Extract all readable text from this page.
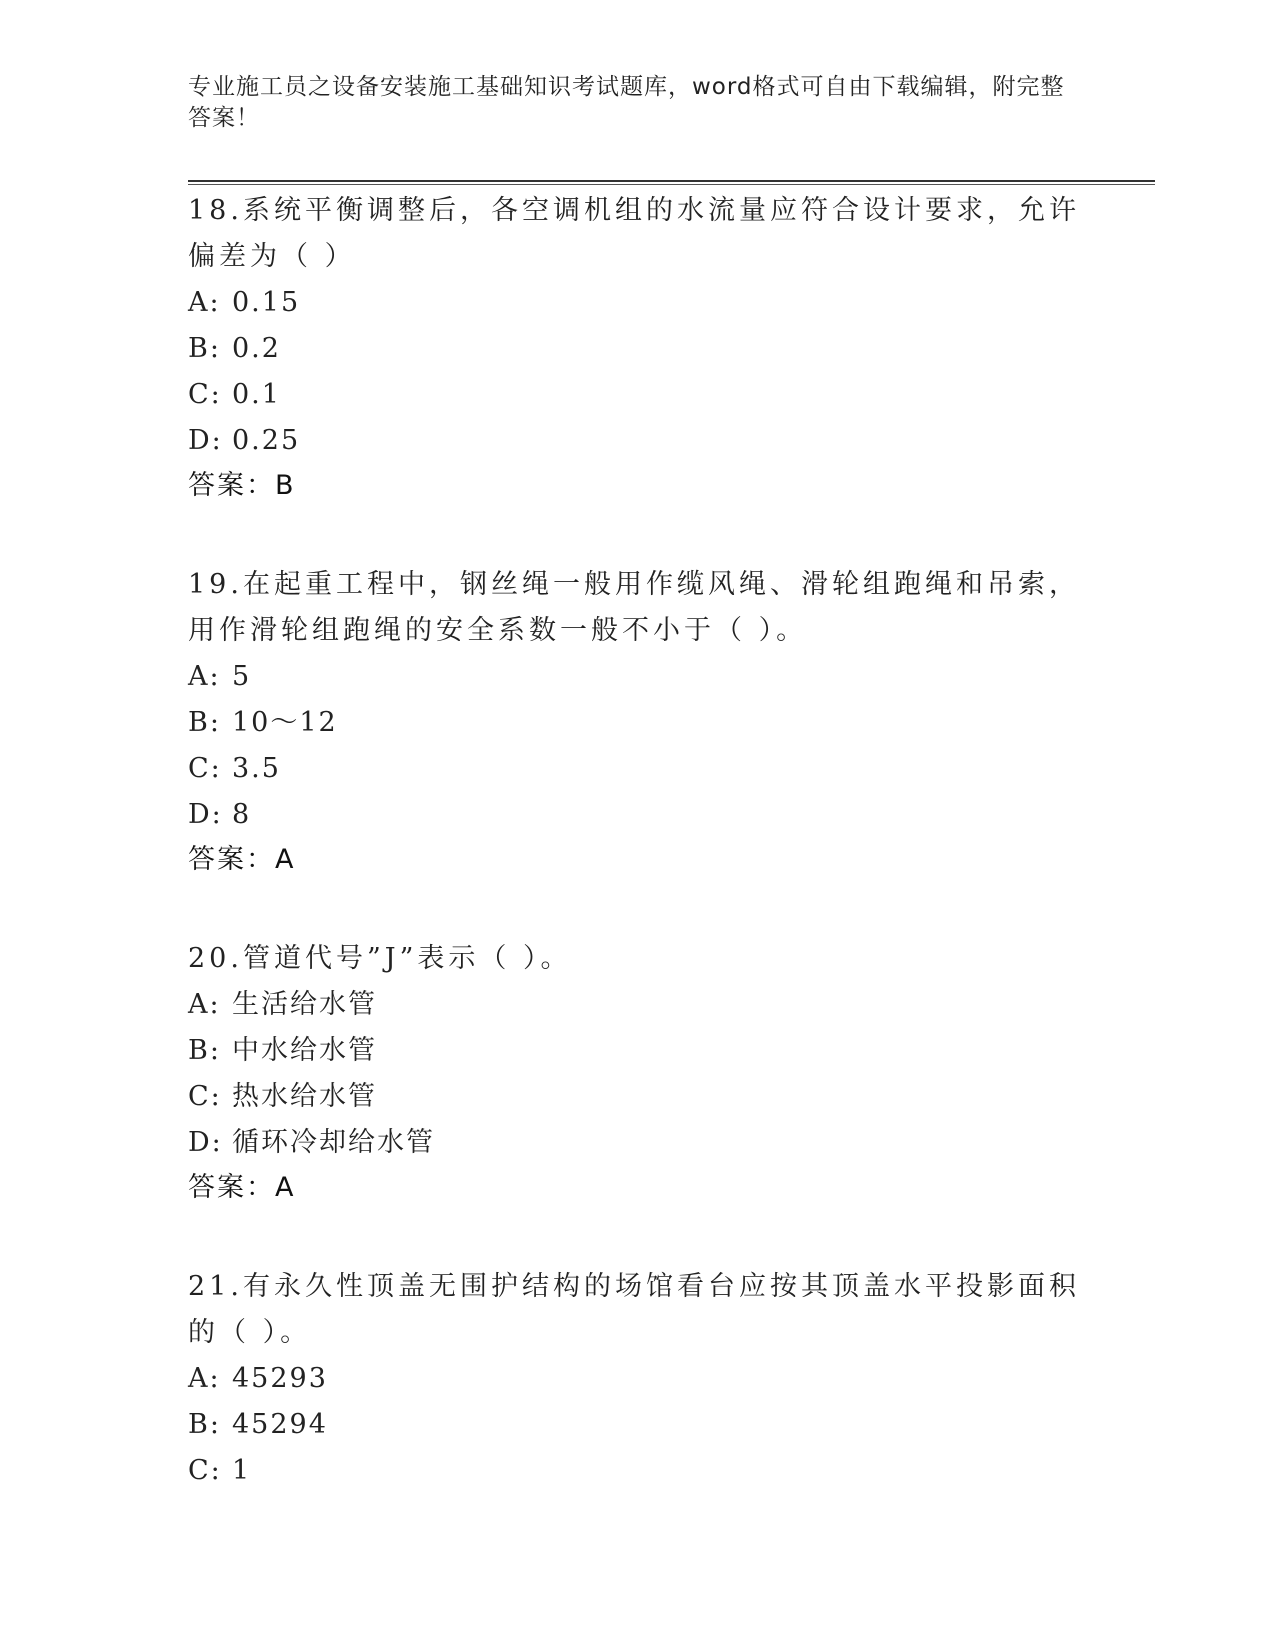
专业施工员之设备安装施工基础知识考试题库，word格式可自由下载编辑，附完整答案！

18.系统平衡调整后，各空调机组的水流量应符合设计要求，允许偏差为（ ）

A: 0.15
B: 0.2
C: 0.1
D: 0.25
答案：B

19.在起重工程中，钢丝绳一般用作缆风绳、滑轮组跑绳和吊索，用作滑轮组跑绳的安全系数一般不小于（ ）。

A: 5
B: 10～12
C: 3.5
D: 8
答案：A

20.管道代号”J”表示（ ）。

A: 生活给水管
B: 中水给水管
C: 热水给水管
D: 循环冷却给水管
答案：A

21.有永久性顶盖无围护结构的场馆看台应按其顶盖水平投影面积的（ ）。

A: 45293
B: 45294
C: 1
